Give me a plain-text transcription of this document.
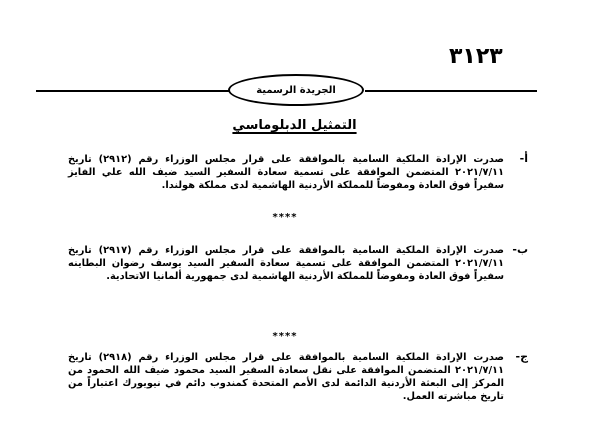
٣١٢٣
الجريدة الرسمية
التمثيل الدبلوماسي
أ-
صدرت الإرادة الملكية السامية بالموافقة على قرار مجلس الوزراء رقم (٢٩١٢) تاريخ ٢٠٢١/٧/١١ المتضمن الموافقة على تسمية سعادة السفير السيد ضيف الله علي الفايز سفيراً فوق العادة ومفوضاً للمملكة الأردنية الهاشمية لدى مملكة هولندا.
****
ب-
صدرت الإرادة الملكية السامية بالموافقة على قرار مجلس الوزراء رقم (٢٩١٧) تاريخ ٢٠٢١/٧/١١ المتضمن الموافقة على تسمية سعادة السفير السيد يوسف رضوان البطاينه سفيراً فوق العادة ومفوضاً للمملكة الأردنية الهاشمية لدى جمهورية ألمانيا الاتحادية.
****
ج-
صدرت الإرادة الملكية السامية بالموافقة على قرار مجلس الوزراء رقم (٢٩١٨) تاريخ ٢٠٢١/٧/١١ المتضمن الموافقة على نقل سعادة السفير السيد محمود ضيف الله الحمود من المركز إلى البعثة الأردنية الدائمة لدى الأمم المتحدة كمندوب دائم في نيويورك اعتباراً من تاريخ مباشرته العمل.
